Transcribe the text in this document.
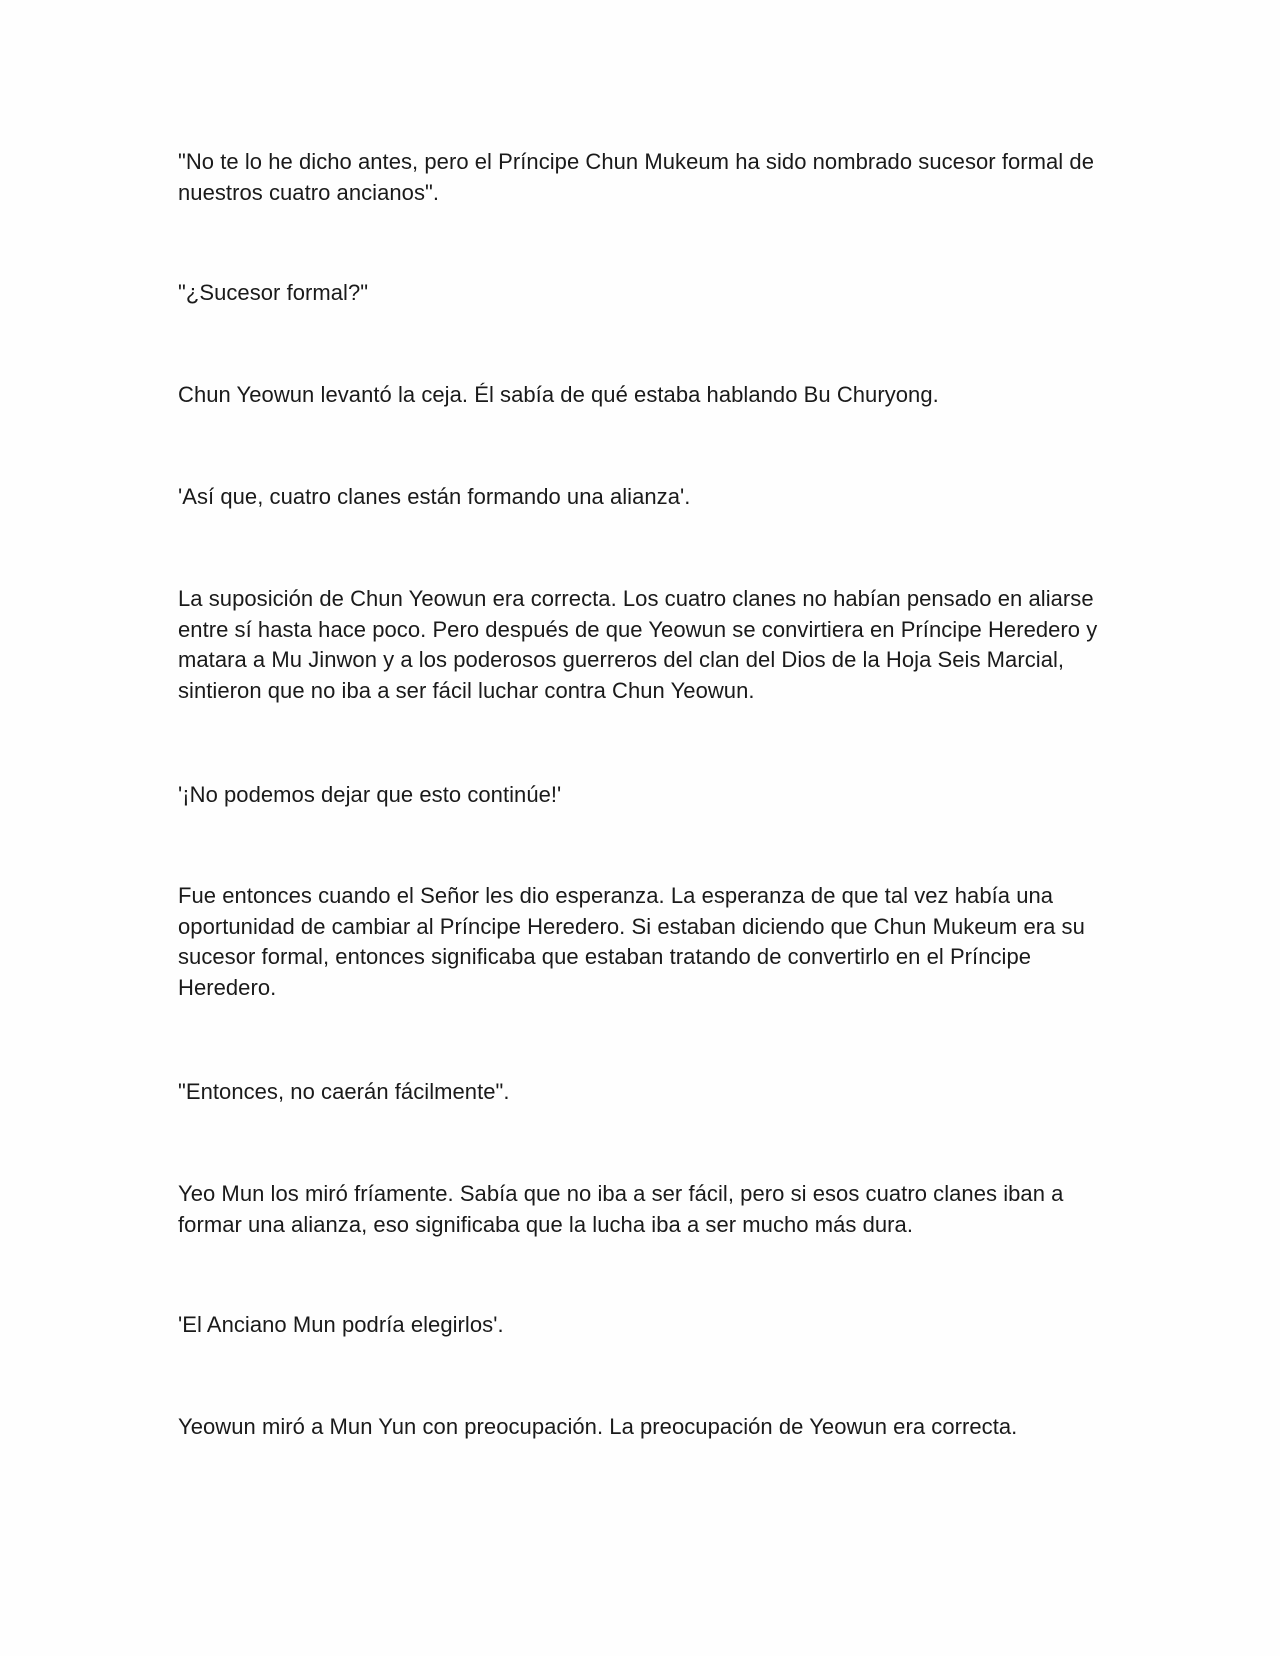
"No te lo he dicho antes, pero el Príncipe Chun Mukeum ha sido nombrado sucesor formal de nuestros cuatro ancianos".

"¿Sucesor formal?"

Chun Yeowun levantó la ceja. Él sabía de qué estaba hablando Bu Churyong.

'Así que, cuatro clanes están formando una alianza'.

La suposición de Chun Yeowun era correcta. Los cuatro clanes no habían pensado en aliarse entre sí hasta hace poco. Pero después de que Yeowun se convirtiera en Príncipe Heredero y matara a Mu Jinwon y a los poderosos guerreros del clan del Dios de la Hoja Seis Marcial, sintieron que no iba a ser fácil luchar contra Chun Yeowun.

'¡No podemos dejar que esto continúe!'

Fue entonces cuando el Señor les dio esperanza. La esperanza de que tal vez había una oportunidad de cambiar al Príncipe Heredero. Si estaban diciendo que Chun Mukeum era su sucesor formal, entonces significaba que estaban tratando de convertirlo en el Príncipe Heredero.

"Entonces, no caerán fácilmente".

Yeo Mun los miró fríamente. Sabía que no iba a ser fácil, pero si esos cuatro clanes iban a formar una alianza, eso significaba que la lucha iba a ser mucho más dura.

'El Anciano Mun podría elegirlos'.

Yeowun miró a Mun Yun con preocupación. La preocupación de Yeowun era correcta.
